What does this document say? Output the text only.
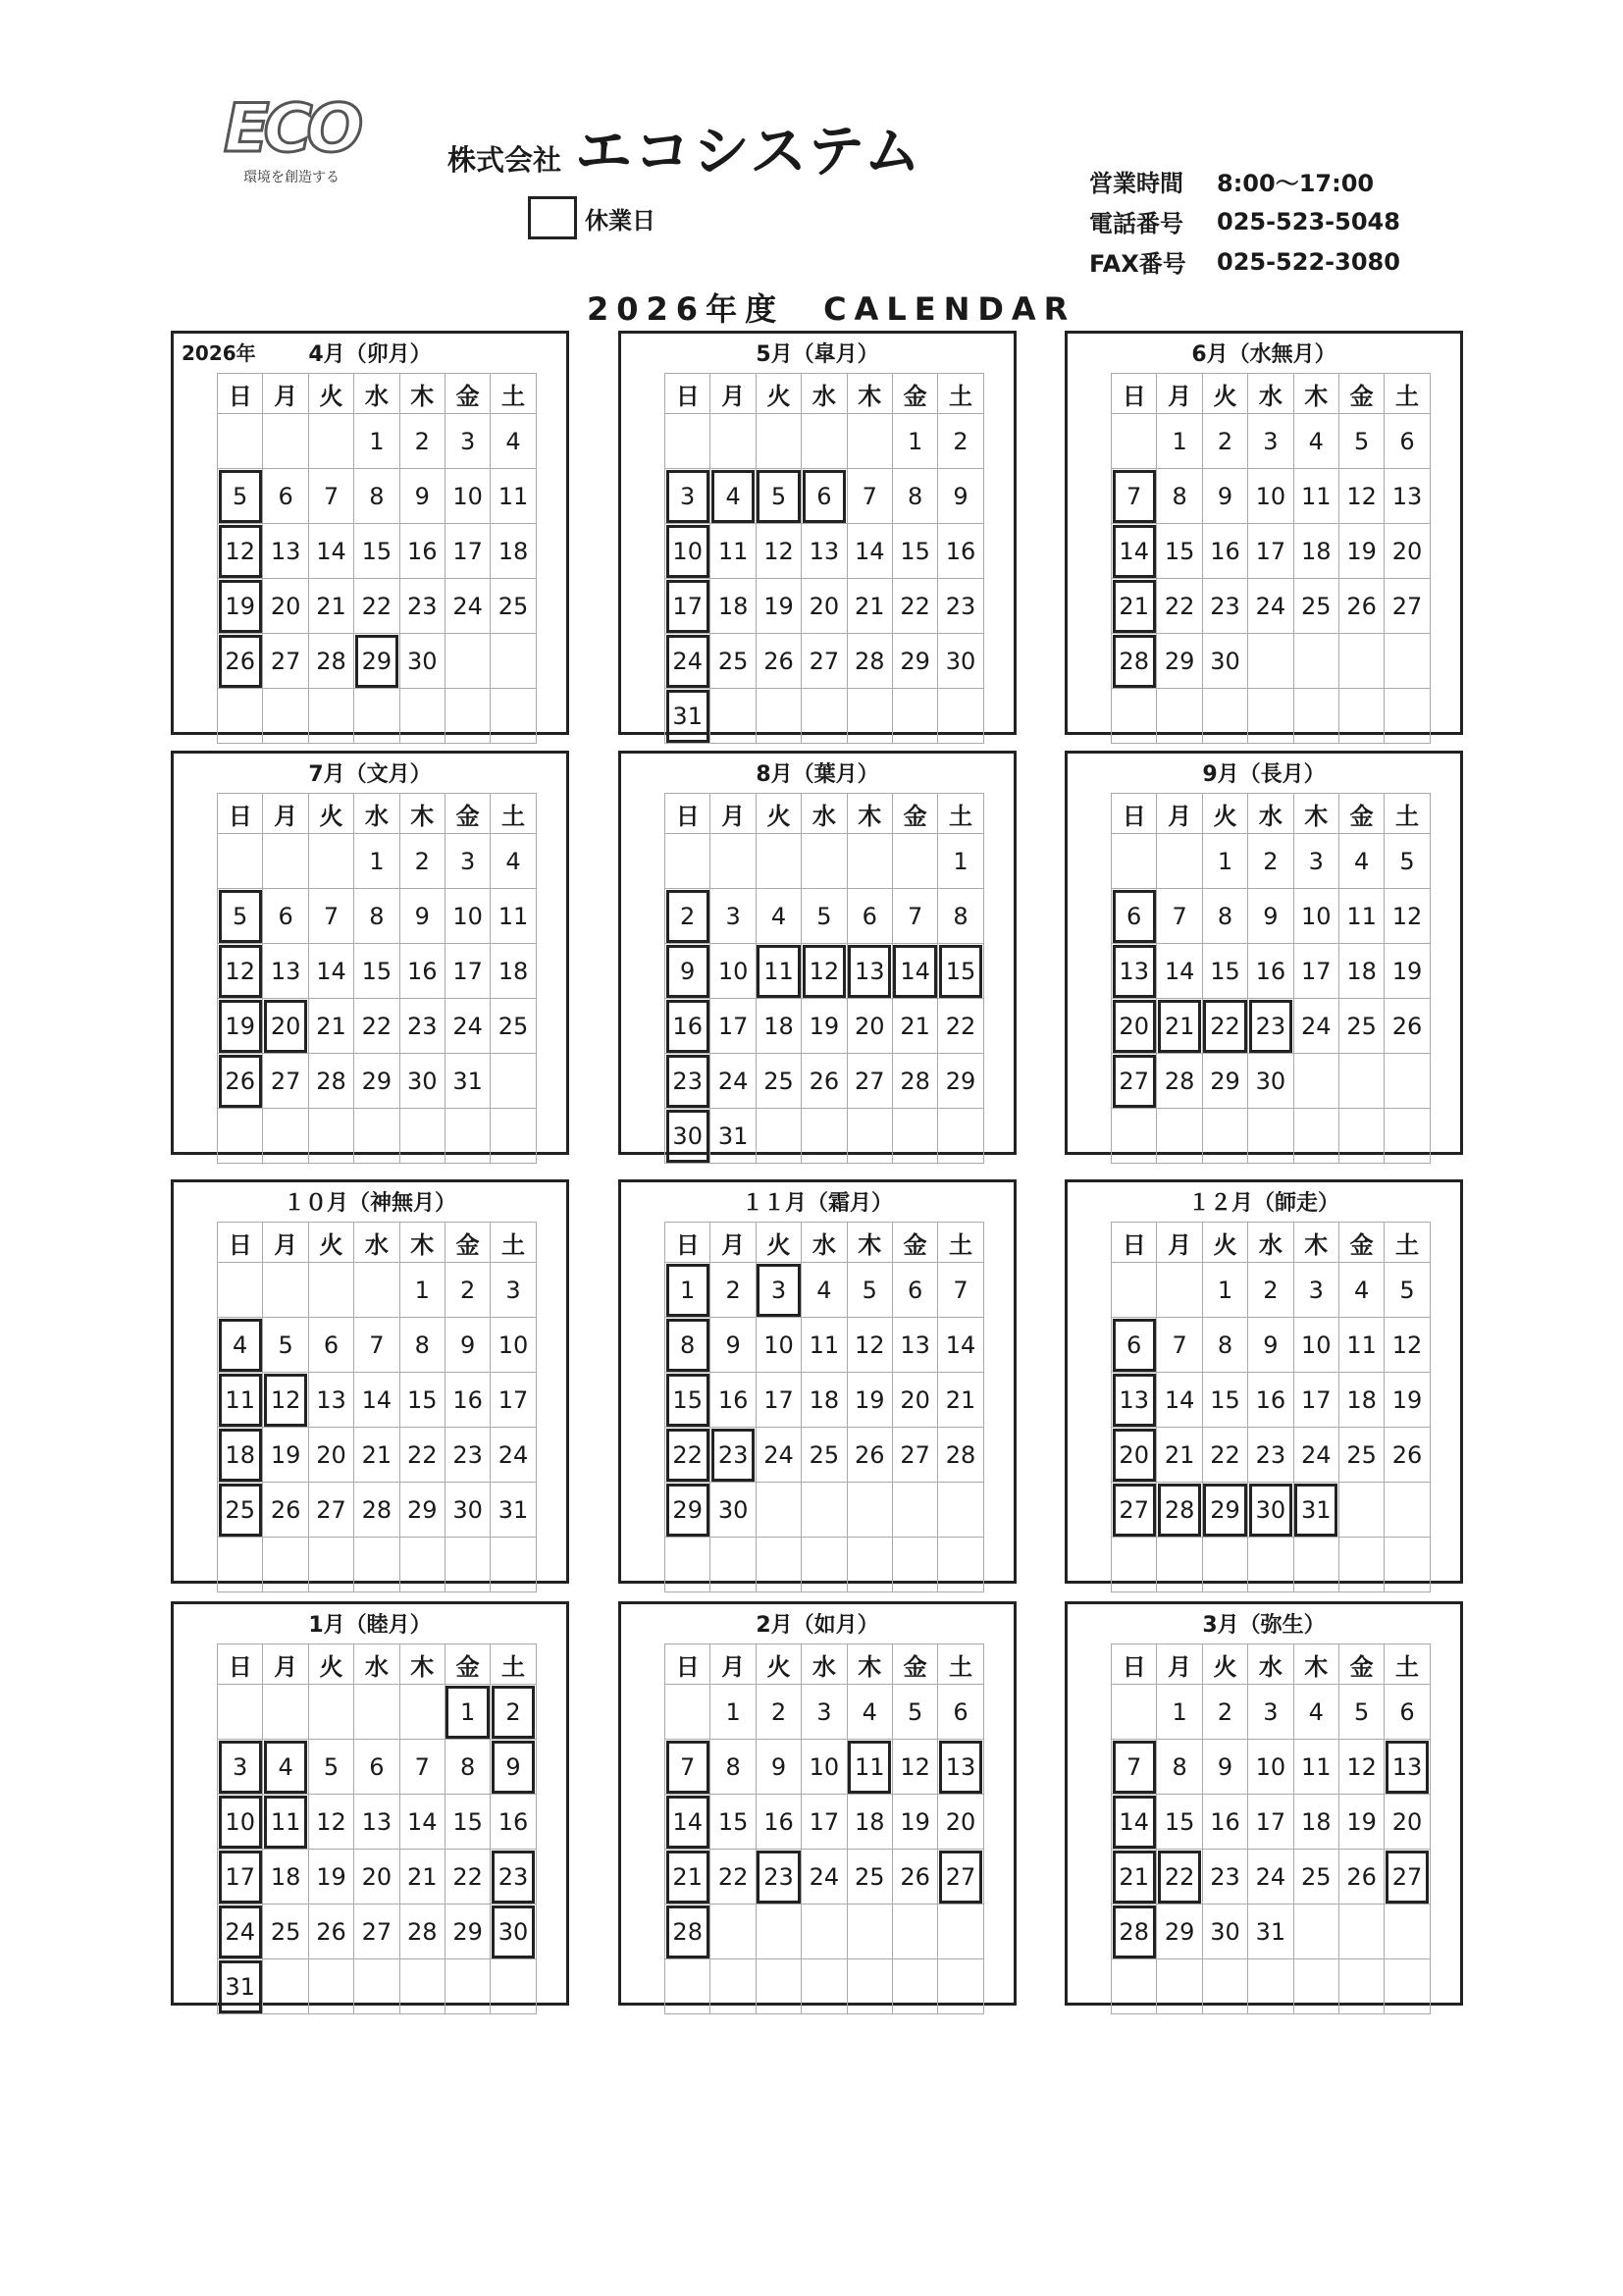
ECO
環境を創造する
株式会社 エコシステム
休業日
営業時間	8:00～17:00
電話番号	025-523-5048
FAX番号	025-522-3080
2026年度　CALENDAR
2026年	4月（卯月）
日	月	火	水	木	金	土
			1	2	3	4
5	6	7	8	9	10	11
12	13	14	15	16	17	18
19	20	21	22	23	24	25
26	27	28	29	30		

5月（皐月）
日	月	火	水	木	金	土
					1	2
3	4	5	6	7	8	9
10	11	12	13	14	15	16
17	18	19	20	21	22	23
24	25	26	27	28	29	30
31						
6月（水無月）
日	月	火	水	木	金	土
	1	2	3	4	5	6
7	8	9	10	11	12	13
14	15	16	17	18	19	20
21	22	23	24	25	26	27
28	29	30				

7月（文月）
日	月	火	水	木	金	土
			1	2	3	4
5	6	7	8	9	10	11
12	13	14	15	16	17	18
19	20	21	22	23	24	25
26	27	28	29	30	31	

8月（葉月）
日	月	火	水	木	金	土
						1
2	3	4	5	6	7	8
9	10	11	12	13	14	15
16	17	18	19	20	21	22
23	24	25	26	27	28	29
30	31					
9月（長月）
日	月	火	水	木	金	土
		1	2	3	4	5
6	7	8	9	10	11	12
13	14	15	16	17	18	19
20	21	22	23	24	25	26
27	28	29	30			

１０月（神無月）
日	月	火	水	木	金	土
				1	2	3
4	5	6	7	8	9	10
11	12	13	14	15	16	17
18	19	20	21	22	23	24
25	26	27	28	29	30	31

１１月（霜月）
日	月	火	水	木	金	土
1	2	3	4	5	6	7
8	9	10	11	12	13	14
15	16	17	18	19	20	21
22	23	24	25	26	27	28
29	30					

１２月（師走）
日	月	火	水	木	金	土
		1	2	3	4	5
6	7	8	9	10	11	12
13	14	15	16	17	18	19
20	21	22	23	24	25	26
27	28	29	30	31		

1月（睦月）
日	月	火	水	木	金	土
					1	2
3	4	5	6	7	8	9
10	11	12	13	14	15	16
17	18	19	20	21	22	23
24	25	26	27	28	29	30
31						
2月（如月）
日	月	火	水	木	金	土
	1	2	3	4	5	6
7	8	9	10	11	12	13
14	15	16	17	18	19	20
21	22	23	24	25	26	27
28						

3月（弥生）
日	月	火	水	木	金	土
	1	2	3	4	5	6
7	8	9	10	11	12	13
14	15	16	17	18	19	20
21	22	23	24	25	26	27
28	29	30	31			
